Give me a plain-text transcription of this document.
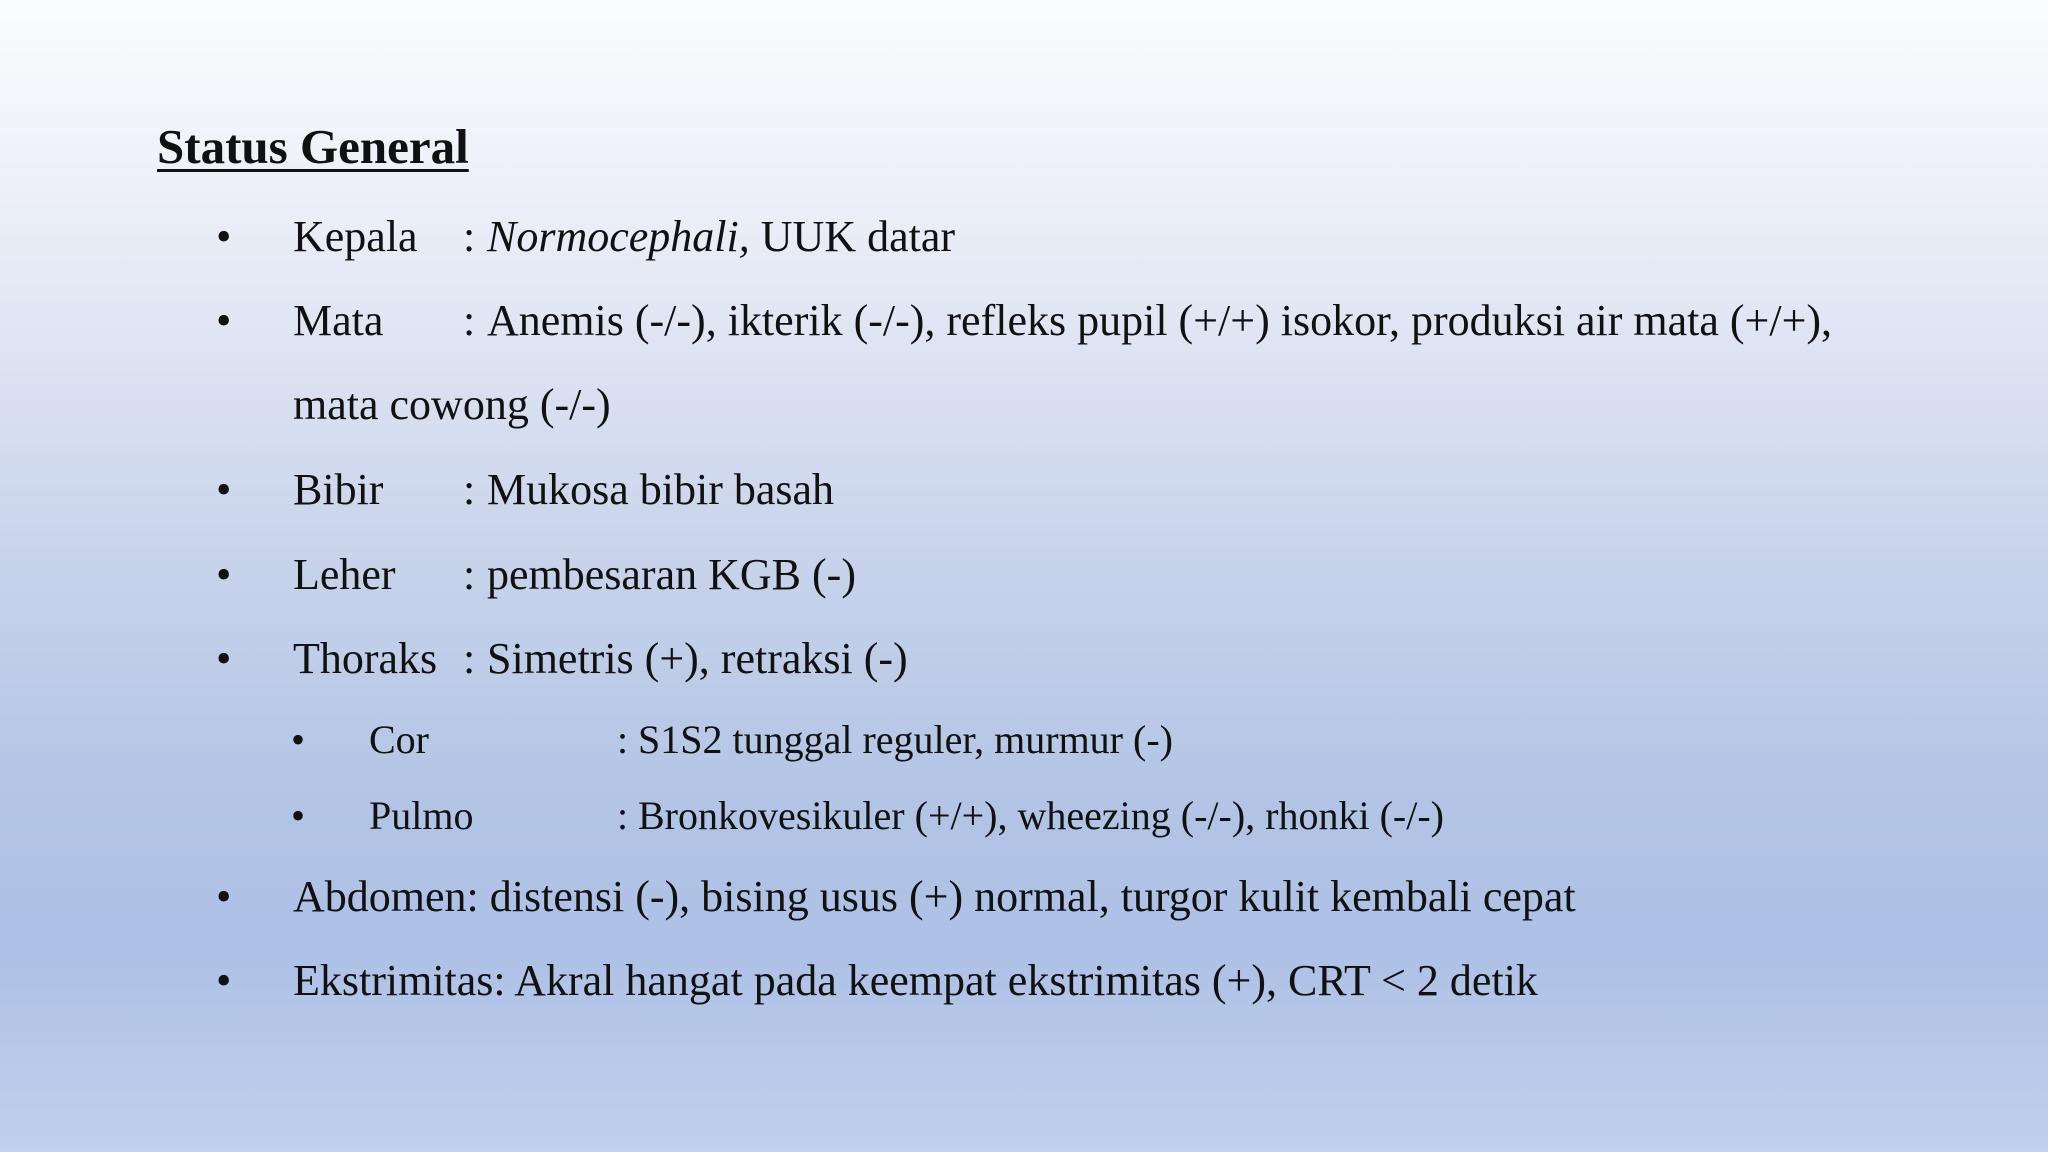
Status General
• Kepala : Normocephali, UUK datar
• Mata : Anemis (-/-), ikterik (-/-), refleks pupil (+/+) isokor, produksi air mata (+/+),
mata cowong (-/-)
• Bibir : Mukosa bibir basah
• Leher : pembesaran KGB (-)
• Thoraks : Simetris (+), retraksi (-)
• Cor	: S1S2 tunggal reguler, murmur (-)
• Pulmo	: Bronkovesikuler (+/+), wheezing (-/-), rhonki (-/-)
• Abdomen: distensi (-), bising usus (+) normal, turgor kulit kembali cepat
• Ekstrimitas: Akral hangat pada keempat ekstrimitas (+), CRT < 2 detik
